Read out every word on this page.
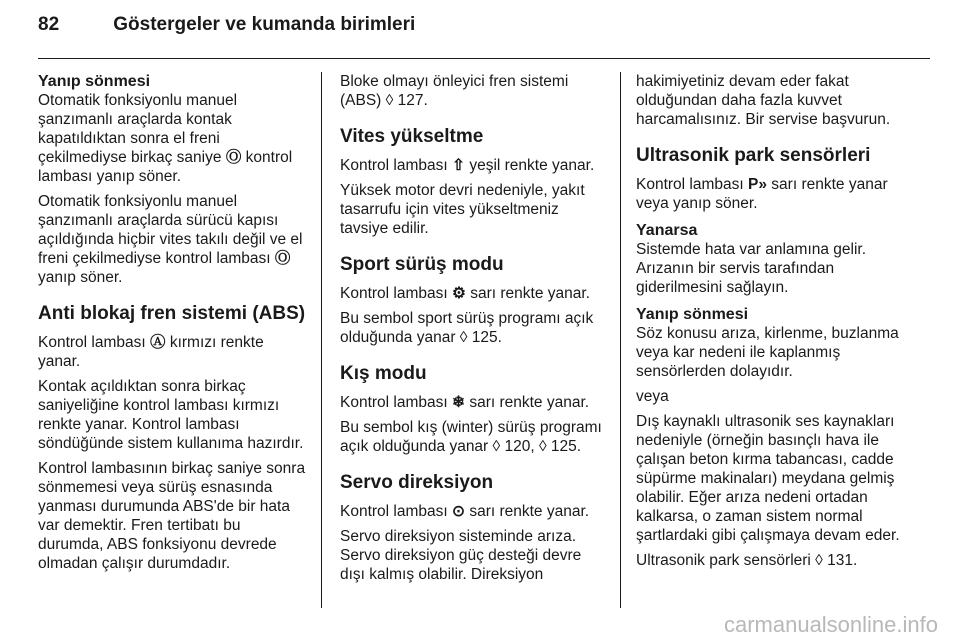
82	Göstergeler ve kumanda birimleri
Yanıp sönmesi

Otomatik fonksiyonlu manuel şanzımanlı araçlarda kontak kapatıldıktan sonra el freni çekilmediyse birkaç saniye Ⓞ kontrol lambası yanıp söner.

Otomatik fonksiyonlu manuel şanzımanlı araçlarda sürücü kapısı açıldığında hiçbir vites takılı değil ve el freni çekilmediyse kontrol lambası Ⓞ yanıp söner.

Anti blokaj fren sistemi (ABS)

Kontrol lambası Ⓐ kırmızı renkte yanar.

Kontak açıldıktan sonra birkaç saniyeliğine kontrol lambası kırmızı renkte yanar. Kontrol lambası söndüğünde sistem kullanıma hazırdır.

Kontrol lambasının birkaç saniye sonra sönmemesi veya sürüş esnasında yanması durumunda ABS'de bir hata var demektir. Fren tertibatı bu durumda, ABS fonksiyonu devrede olmadan çalışır durumdadır.

Bloke olmayı önleyici fren sistemi (ABS) ◊ 127.

Vites yükseltme

Kontrol lambası ⇧ yeşil renkte yanar.

Yüksek motor devri nedeniyle, yakıt tasarrufu için vites yükseltmeniz tavsiye edilir.

Sport sürüş modu

Kontrol lambası ⚙ sarı renkte yanar.

Bu sembol sport sürüş programı açık olduğunda yanar ◊ 125.

Kış modu

Kontrol lambası ❄ sarı renkte yanar.

Bu sembol kış (winter) sürüş programı açık olduğunda yanar ◊ 120, ◊ 125.

Servo direksiyon

Kontrol lambası ⊙ sarı renkte yanar.

Servo direksiyon sisteminde arıza. Servo direksiyon güç desteği devre dışı kalmış olabilir. Direksiyon

hakimiyetiniz devam eder fakat olduğundan daha fazla kuvvet harcamalısınız. Bir servise başvurun.

Ultrasonik park sensörleri

Kontrol lambası P» sarı renkte yanar veya yanıp söner.

Yanarsa

Sistemde hata var anlamına gelir. Arızanın bir servis tarafından giderilmesini sağlayın.

Yanıp sönmesi

Söz konusu arıza, kirlenme, buzlanma veya kar nedeni ile kaplanmış sensörlerden dolayıdır.

veya

Dış kaynaklı ultrasonik ses kaynakları nedeniyle (örneğin basınçlı hava ile çalışan beton kırma tabancası, cadde süpürme makinaları) meydana gelmiş olabilir. Eğer arıza nedeni ortadan kalkarsa, o zaman sistem normal şartlardaki gibi çalışmaya devam eder.

Ultrasonik park sensörleri ◊ 131.

carmanualsonline.info
